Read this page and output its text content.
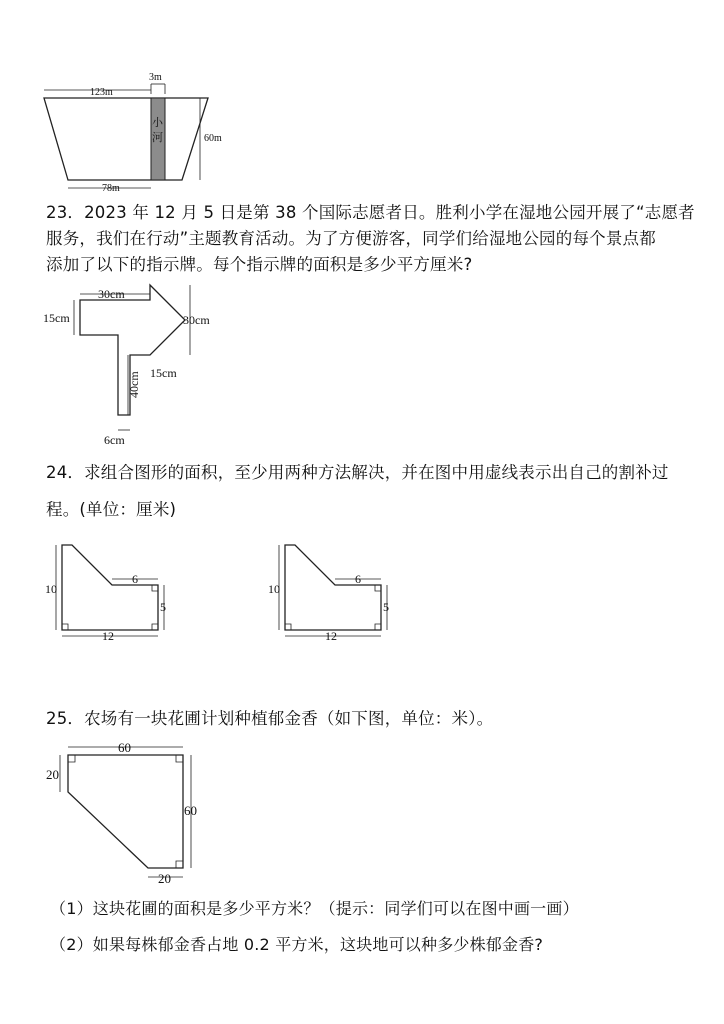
123m
3m
小
河	60m
78m
23．2023 年 12 月 5 日是第 38 个国际志愿者日。胜利小学在湿地公园开展了“志愿者
服务，我们在行动”主题教育活动。为了方便游客，同学们给湿地公园的每个景点都
添加了以下的指示牌。每个指示牌的面积是多少平方厘米?
30cm
15cm	30cm
15cm
40cm
6cm
24．求组合图形的面积，至少用两种方法解决，并在图中用虚线表示出自己的割补过
程。(单位：厘米)
10
6
5
12
10
6
5
12
25．农场有一块花圃计划种植郁金香（如下图，单位：米）。
60
20
60
20
（1）这块花圃的面积是多少平方米？（提示：同学们可以在图中画一画）
（2）如果每株郁金香占地 0.2 平方米，这块地可以种多少株郁金香?
